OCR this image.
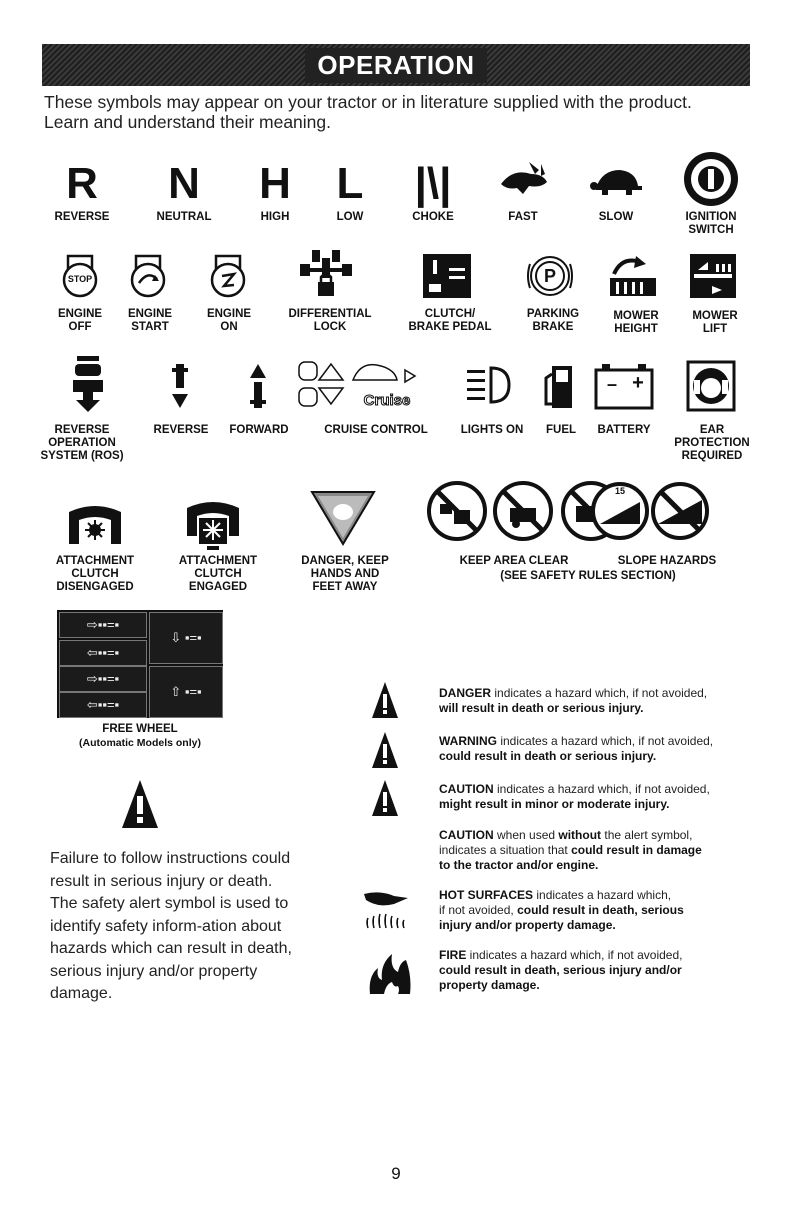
OPERATION
These symbols may appear on your tractor or in literature supplied with the product.
Learn and understand their meaning.
R N H L |\|
REVERSE	NEUTRAL	HIGH	LOW	CHOKE	FAST	SLOW	IGNITION
SWITCH
STOP	P
ENGINE
OFF
ENGINE
START
ENGINE
ON
DIFFERENTIAL
LOCK
CLUTCH/
BRAKE PEDAL
PARKING
BRAKE
MOWER
HEIGHT
MOWER
LIFT
Cruise
– +
REVERSE
OPERATION
SYSTEM (ROS)
REVERSE FORWARD	CRUISE CONTROL	LIGHTS ON FUEL BATTERY	EAR
PROTECTION
REQUIRED
15
ATTACHMENT
CLUTCH
DISENGAGED
ATTACHMENT
CLUTCH
ENGAGED
DANGER, KEEP
HANDS AND
FEET AWAY
KEEP AREA CLEAR	SLOPE HAZARDS
(SEE SAFETY RULES SECTION)
⇨▪▪=▪
⇦▪▪=▪
⇨▪▪=▪
⇦▪▪=▪
⇩ ▪=▪
⇧ ▪=▪
FREE WHEEL
(Automatic Models only)
Failure to follow instructions could result in serious injury or death. The safety alert symbol is used to identify safety inform-ation about hazards which can result in death, serious injury and/or property damage.
DANGER indicates a hazard which, if not avoided,
will result in death or serious injury.
WARNING indicates a hazard which, if not avoided,
could result in death or serious injury.
CAUTION indicates a hazard which, if not avoided,
might result in minor or moderate injury.
CAUTION when used without the alert symbol,
indicates a situation that could result in damage
to the tractor and/or engine.
HOT SURFACES indicates a hazard which,
if not avoided, could result in death, serious
injury and/or property damage.
FIRE indicates a hazard which, if not avoided,
could result in death, serious injury and/or
property damage.
9
